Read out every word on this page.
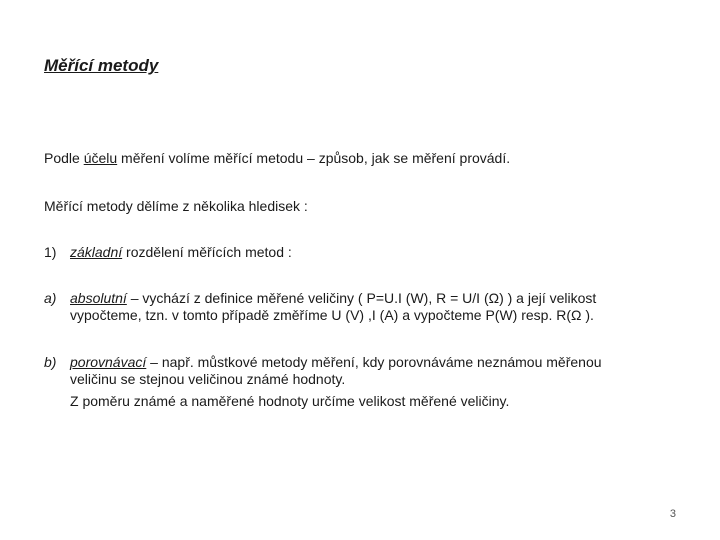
Měřící metody
Podle účelu měření volíme měřící metodu – způsob, jak se měření provádí.
Měřící metody dělíme z několika hledisek :
1) základní rozdělení měřících metod :
a) absolutní – vychází z definice měřené veličiny ( P=U.I (W), R = U/I (Ω) ) a její velikost
vypočteme, tzn. v tomto případě změříme U (V) ,I (A) a vypočteme P(W) resp. R(Ω ).
b) porovnávací – např. můstkové metody měření, kdy porovnáváme neznámou měřenou
veličinu se stejnou veličinou známé hodnoty.
Z poměru známé a naměřené hodnoty určíme velikost měřené veličiny.
3
